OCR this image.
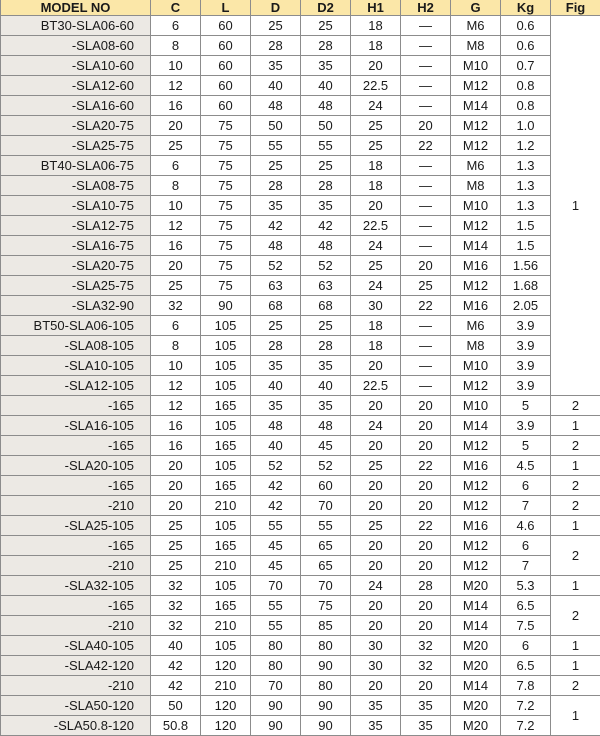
MODEL NO	C	L	D	D2	H1	H2	G	Kg	Fig
BT30-SLA06-60	6	60	25	25	18	—	M6	0.6	1
-SLA08-60	8	60	28	28	18	—	M8	0.6	
-SLA10-60	10	60	35	35	20	—	M10	0.7	
-SLA12-60	12	60	40	40	22.5	—	M12	0.8	
-SLA16-60	16	60	48	48	24	—	M14	0.8	
-SLA20-75	20	75	50	50	25	20	M12	1.0	
-SLA25-75	25	75	55	55	25	22	M12	1.2	
BT40-SLA06-75	6	75	25	25	18	—	M6	1.3	
-SLA08-75	8	75	28	28	18	—	M8	1.3	
-SLA10-75	10	75	35	35	20	—	M10	1.3	
-SLA12-75	12	75	42	42	22.5	—	M12	1.5	
-SLA16-75	16	75	48	48	24	—	M14	1.5	
-SLA20-75	20	75	52	52	25	20	M16	1.56	
-SLA25-75	25	75	63	63	24	25	M12	1.68	
-SLA32-90	32	90	68	68	30	22	M16	2.05	
BT50-SLA06-105	6	105	25	25	18	—	M6	3.9	
-SLA08-105	8	105	28	28	18	—	M8	3.9	
-SLA10-105	10	105	35	35	20	—	M10	3.9	
-SLA12-105	12	105	40	40	22.5	—	M12	3.9	
-165	12	165	35	35	20	20	M10	5	2
-SLA16-105	16	105	48	48	24	20	M14	3.9	1
-165	16	165	40	45	20	20	M12	5	2
-SLA20-105	20	105	52	52	25	22	M16	4.5	1
-165	20	165	42	60	20	20	M12	6	2
-210	20	210	42	70	20	20	M12	7	2
-SLA25-105	25	105	55	55	25	22	M16	4.6	1
-165	25	165	45	65	20	20	M12	6	2
-210	25	210	45	65	20	20	M12	7	
-SLA32-105	32	105	70	70	24	28	M20	5.3	1
-165	32	165	55	75	20	20	M14	6.5	2
-210	32	210	55	85	20	20	M14	7.5	
-SLA40-105	40	105	80	80	30	32	M20	6	1
-SLA42-120	42	120	80	90	30	32	M20	6.5	1
-210	42	210	70	80	20	20	M14	7.8	2
-SLA50-120	50	120	90	90	35	35	M20	7.2	1
-SLA50.8-120	50.8	120	90	90	35	35	M20	7.2	
